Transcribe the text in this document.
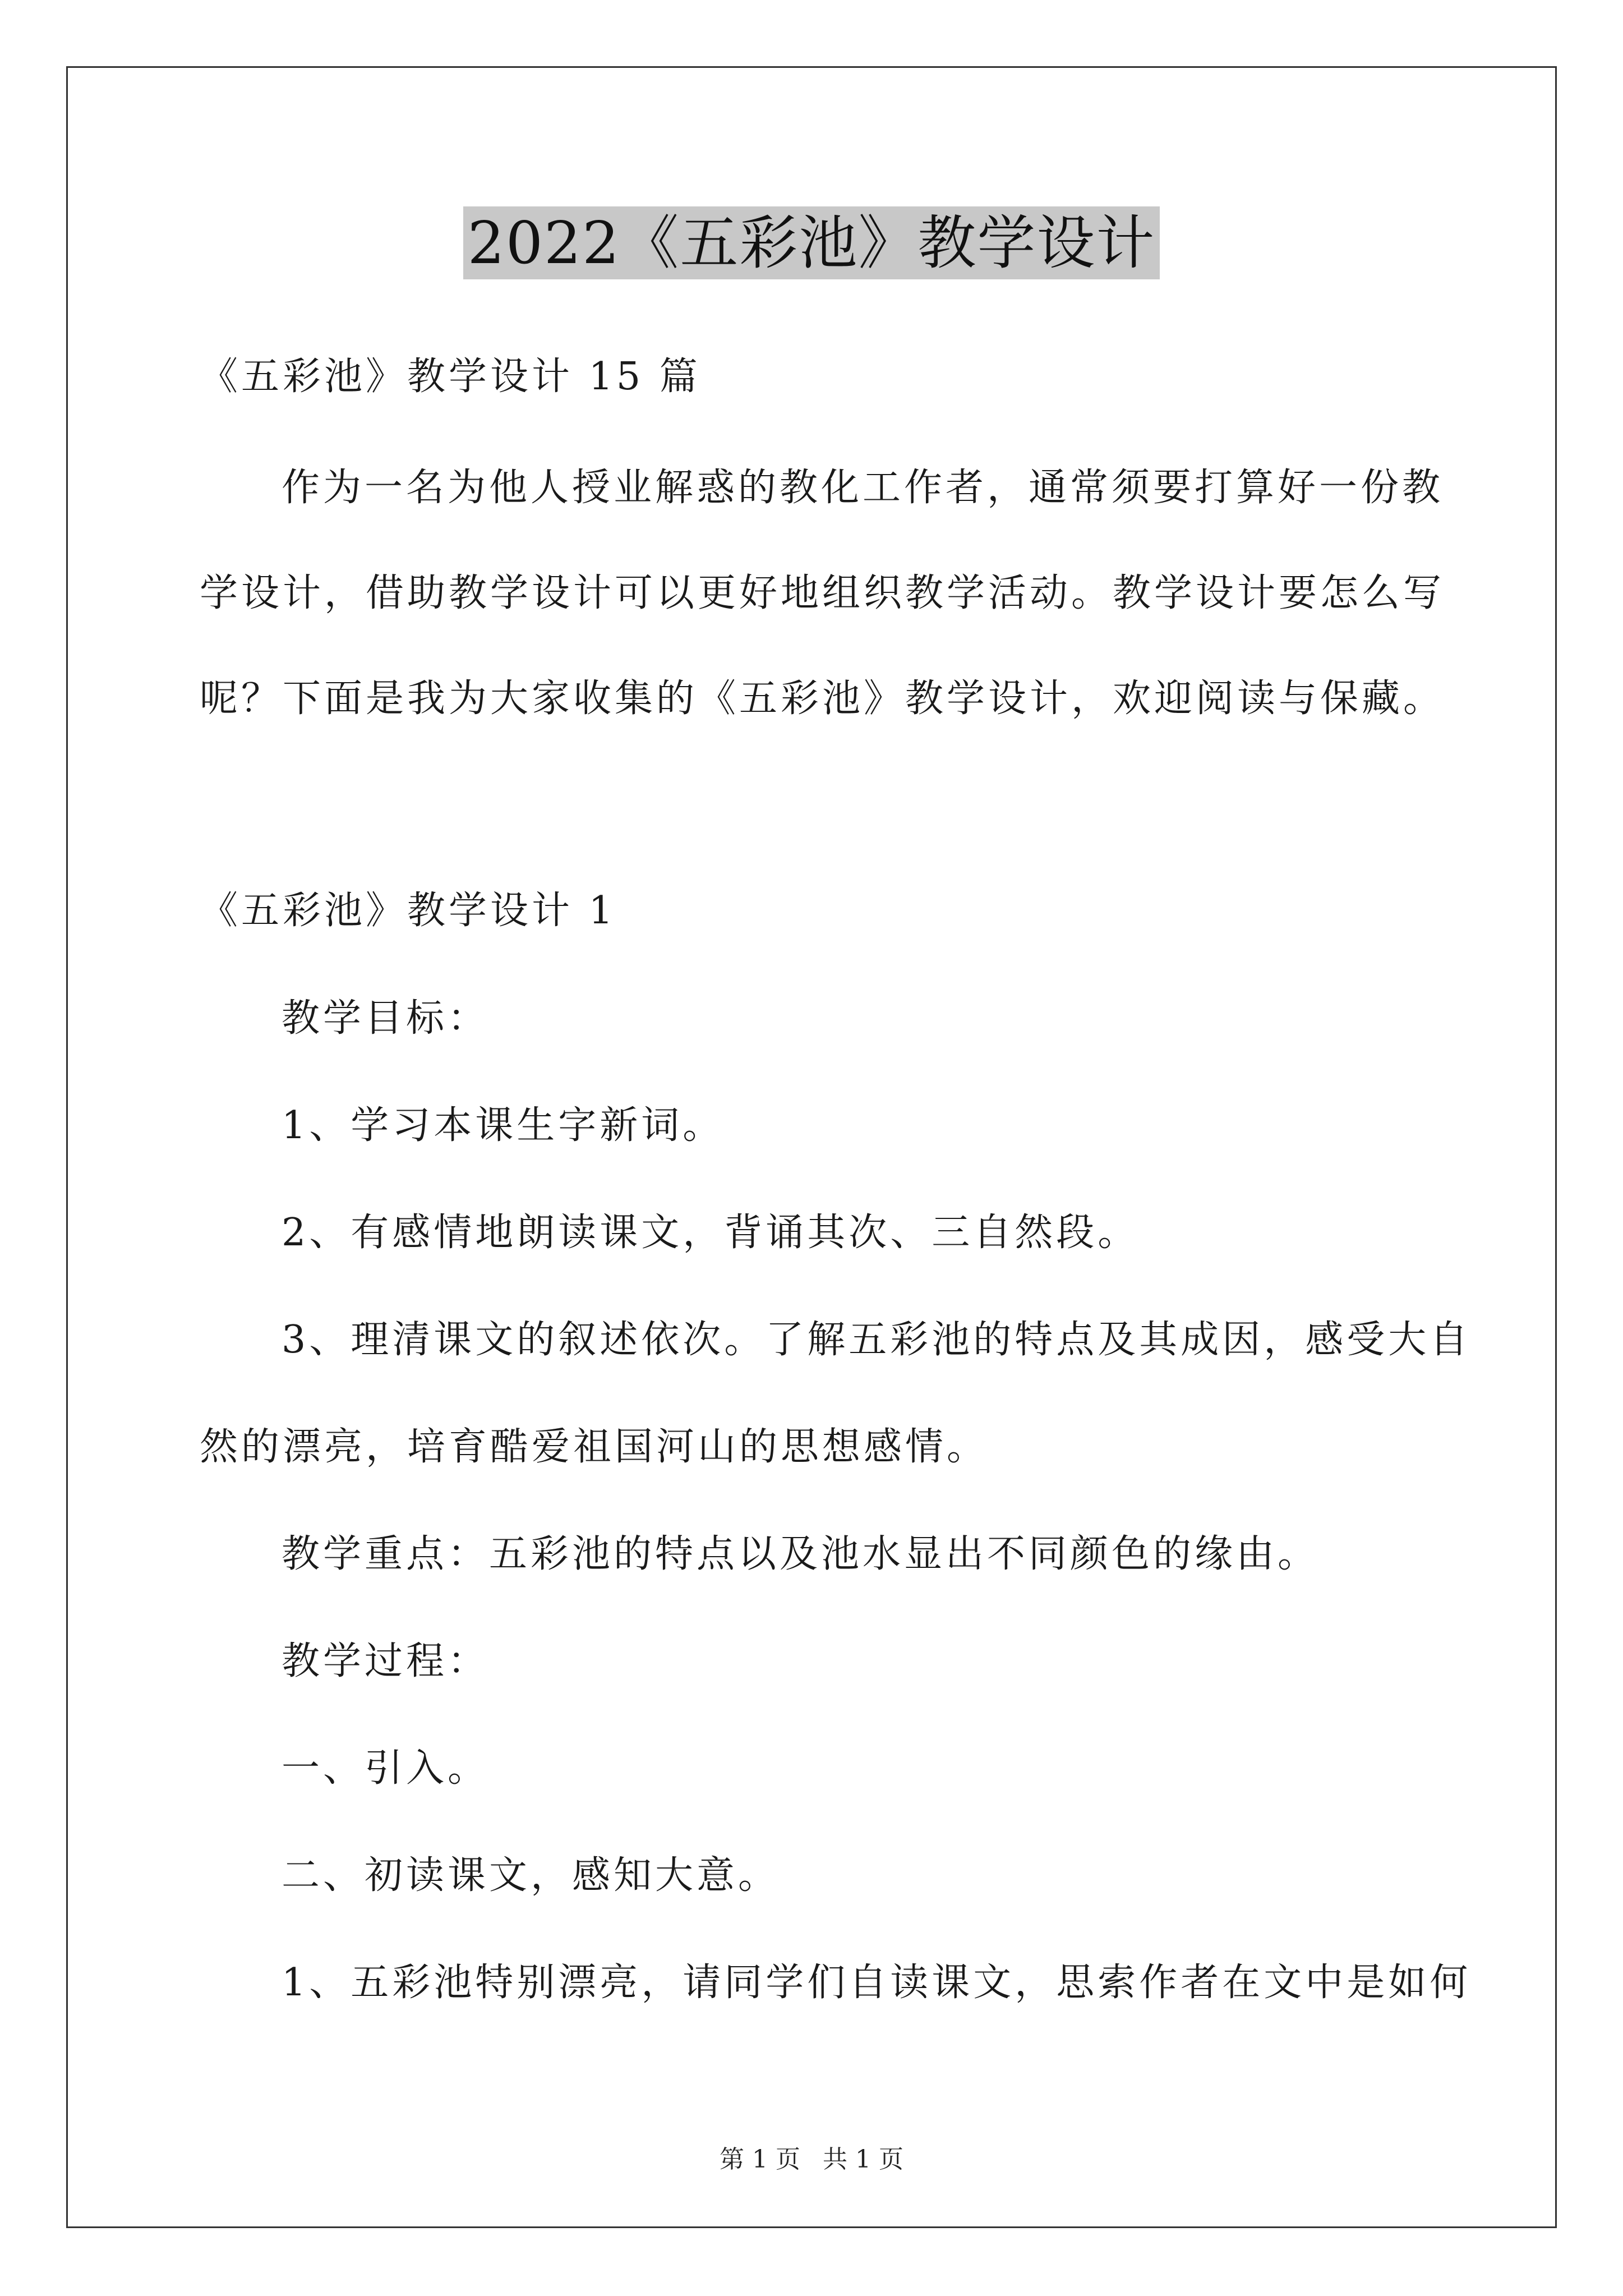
2022《五彩池》教学设计
《五彩池》教学设计 15 篇
作为一名为他人授业解惑的教化工作者，通常须要打算好一份教
学设计，借助教学设计可以更好地组织教学活动。教学设计要怎么写
呢？下面是我为大家收集的《五彩池》教学设计，欢迎阅读与保藏。
《五彩池》教学设计 1
教学目标：
1、学习本课生字新词。
2、有感情地朗读课文，背诵其次、三自然段。
3、理清课文的叙述依次。了解五彩池的特点及其成因，感受大自
然的漂亮，培育酷爱祖国河山的思想感情。
教学重点：五彩池的特点以及池水显出不同颜色的缘由。
教学过程：
一、引入。
二、初读课文，感知大意。
1、五彩池特别漂亮，请同学们自读课文，思索作者在文中是如何
第 1 页 共 1 页
